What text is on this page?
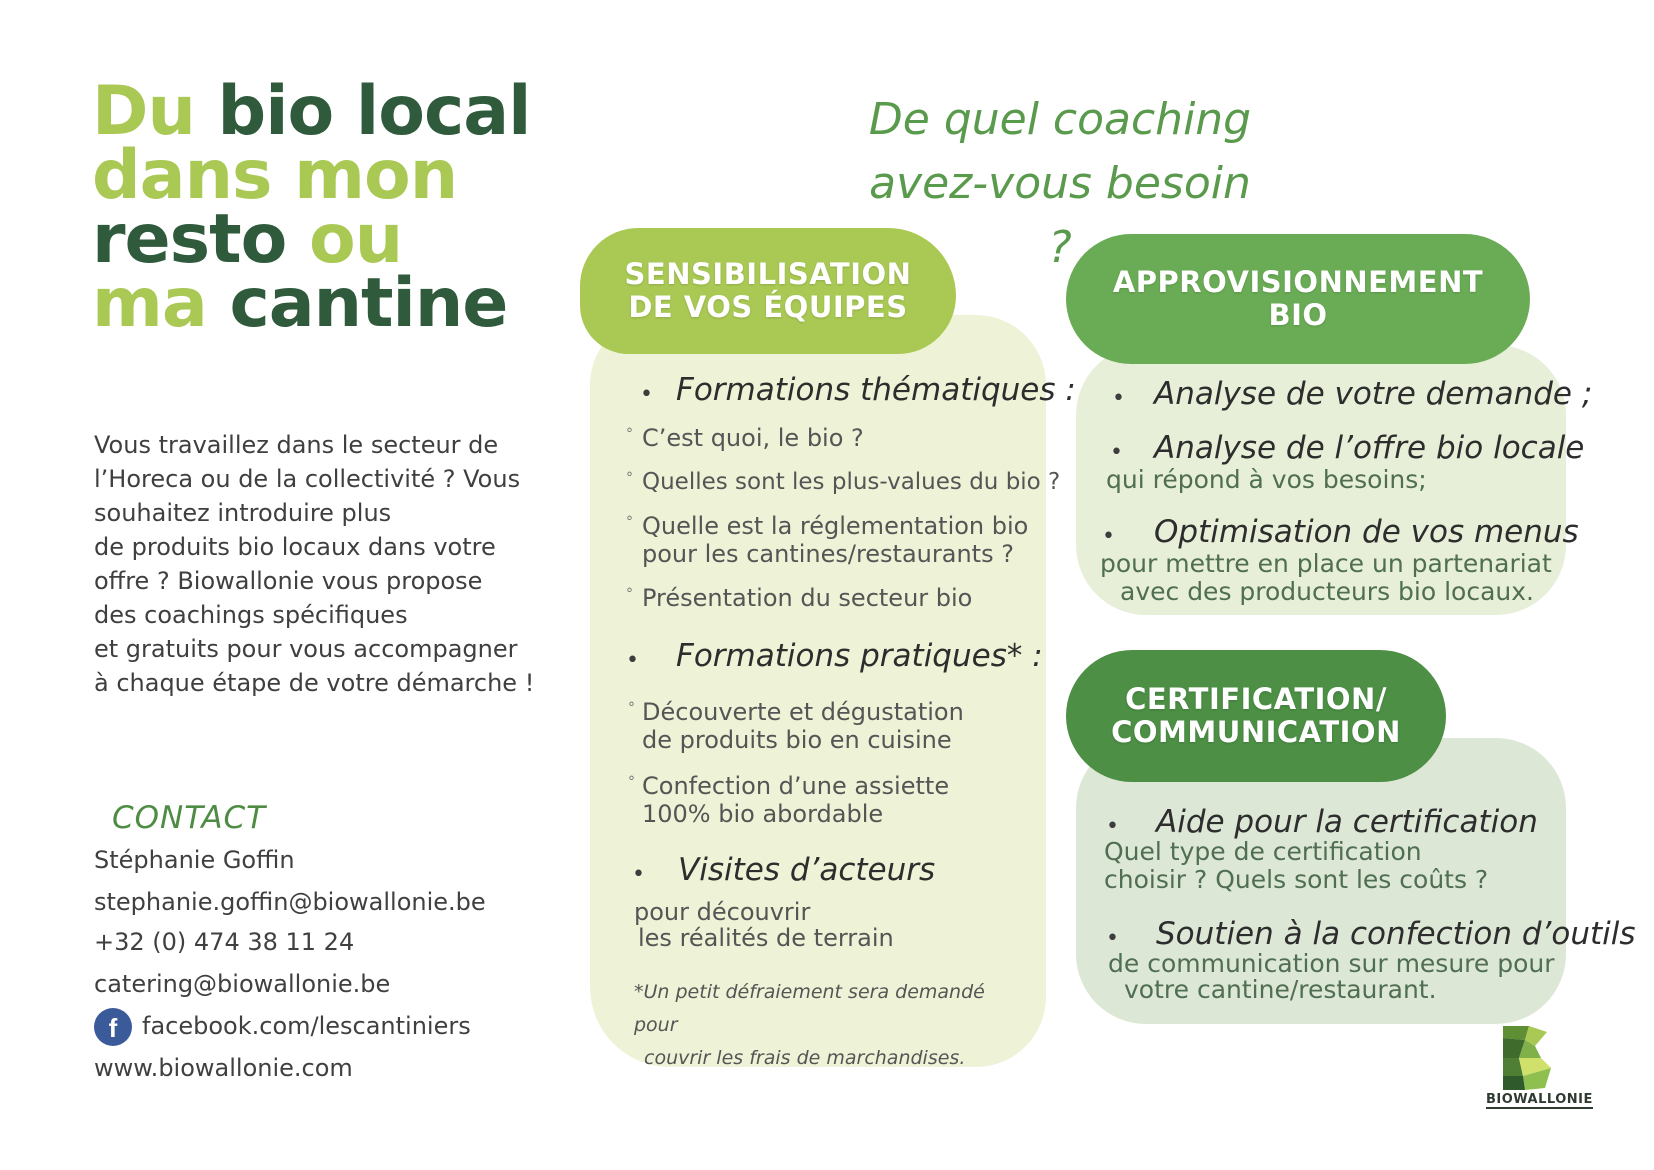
Du bio local
dans mon
resto ou
ma cantine
Vous travaillez dans le secteur de
l’Horeca ou de la collectivité ? Vous
souhaitez introduire plus
de produits bio locaux dans votre
offre ? Biowallonie vous propose
des coachings spécifiques
et gratuits pour vous accompagner
à chaque étape de votre démarche !
CONTACT
Stéphanie Goffin
stephanie.goffin@biowallonie.be
+32 (0) 474 38 11 24
catering@biowallonie.be
f	facebook.com/lescantiniers
www.biowallonie.com
De quel coaching
avez-vous besoin ?
SENSIBILISATION
DE VOS ÉQUIPES
APPROVISIONNEMENT
BIO
CERTIFICATION/
COMMUNICATION
• Formations thématiques :
° C’est quoi, le bio ?
° Quelles sont les plus-values du bio ?
° Quelle est la réglementation bio
pour les cantines/restaurants ?
° Présentation du secteur bio
• Formations pratiques* :
° Découverte et dégustation
de produits bio en cuisine
° Confection d’une assiette
100% bio abordable
• Visites d’acteurs
pour découvrir
les réalités de terrain
*Un petit défraiement sera demandé pour
couvrir les frais de marchandises.
• Analyse de votre demande ;
• Analyse de l’offre bio locale
qui répond à vos besoins;
• Optimisation de vos menus
pour mettre en place un partenariat
avec des producteurs bio locaux.
• Aide pour la certification
Quel type de certification
choisir ? Quels sont les coûts ?
• Soutien à la confection d’outils
de communication sur mesure pour
votre cantine/restaurant.
BIOWALLONIE
